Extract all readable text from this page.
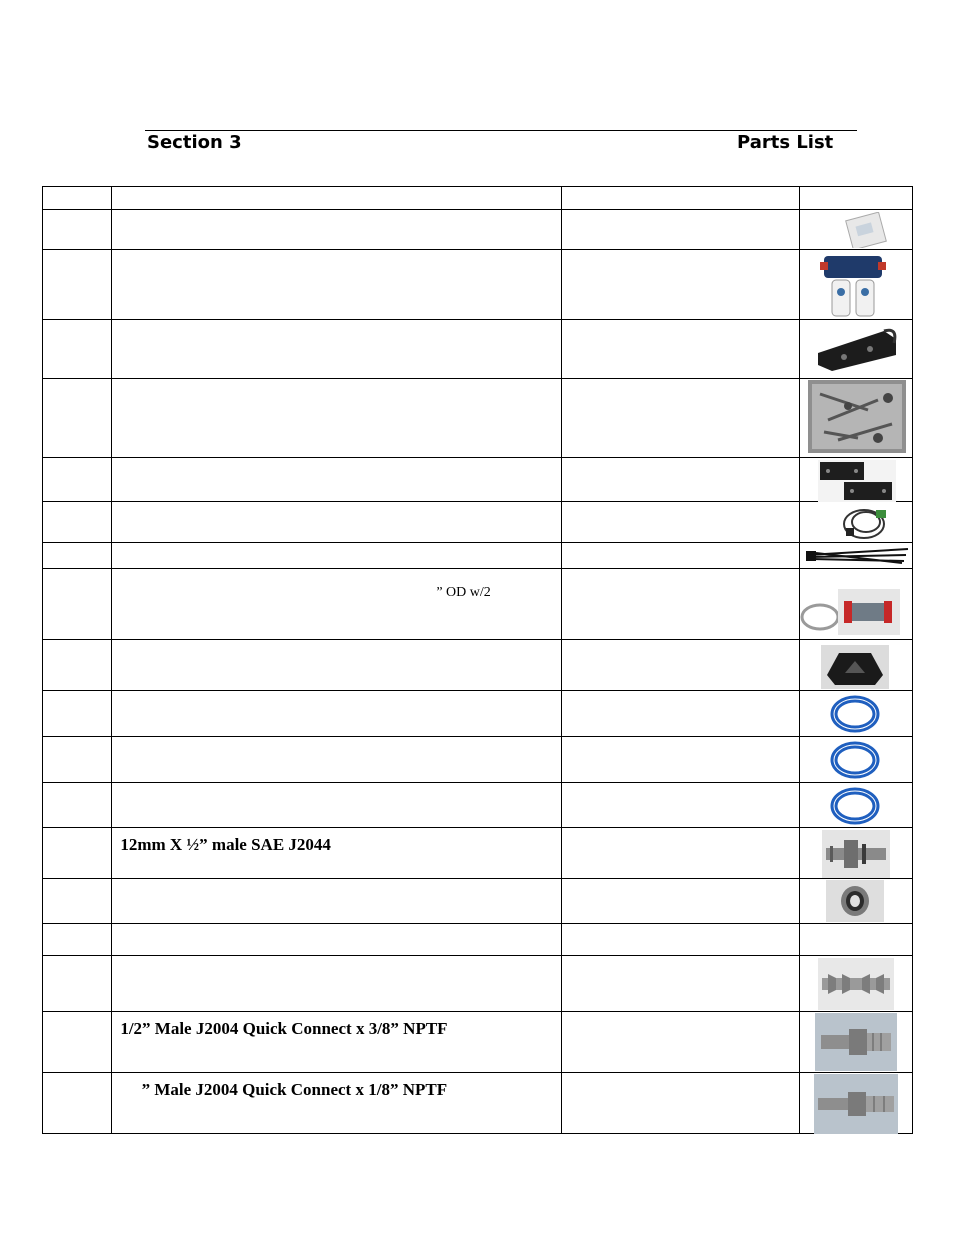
Section 3	Parts List

	” OD w/2

	12mm X ½” male SAE J2044

	1/2” Male J2004 Quick Connect x 3/8” NPTF

	” Male J2004 Quick Connect x 1/8” NPTF
